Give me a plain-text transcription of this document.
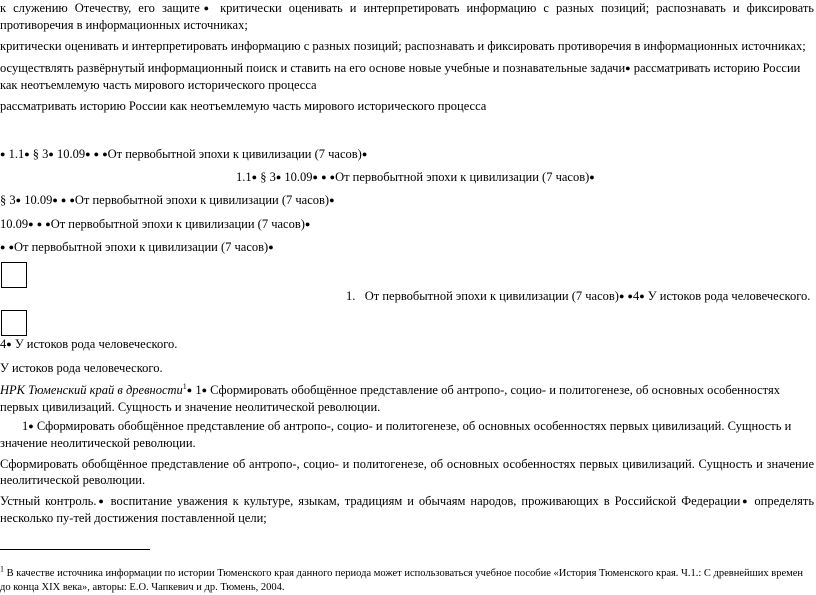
к служению Отечеству, его защите● критически оценивать и интерпретировать информацию с разных позиций; распознавать и фиксировать противоречия в информационных источниках;

критически оценивать и интерпретировать информацию с разных позиций; распознавать и фиксировать противоречия в информационных источниках;

осуществлять развёрнутый информационный поиск и ставить на его основе новые учебные и познавательные задачи● рассматривать историю России как неотъемлемую часть мирового исторического процесса

рассматривать историю России как неотъемлемую часть мирового исторического процесса

● 1.1● § 3● 10.09● ● ●От первобытной эпохи к цивилизации (7 часов)●

1.1● § 3● 10.09● ● ●От первобытной эпохи к цивилизации (7 часов)●

§ 3● 10.09● ● ●От первобытной эпохи к цивилизации (7 часов)●

10.09● ● ●От первобытной эпохи к цивилизации (7 часов)●

● ●От первобытной эпохи к цивилизации (7 часов)●

1. От первобытной эпохи к цивилизации (7 часов)● ●4● У истоков рода человеческого.

4● У истоков рода человеческого.

У истоков рода человеческого.

НРК Тюменский край в древности$^1$● 1● Сформировать обобщённое представление об антропо-, социо- и политогенезе, об основных особенностях первых цивилизаций. Сущность и значение неолитической революции.

1● Сформировать обобщённое представление об антропо-, социо- и политогенезе, об основных особенностях первых цивилизаций. Сущность и значение неолитической революции.

Сформировать обобщённое представление об антропо-, социо- и политогенезе, об основных особенностях первых цивилизаций. Сущность и значение неолитической революции.

Устный контроль.● воспитание уважения к культуре, языкам, традициям и обычаям народов, проживающих в Российской Федерации● определять несколько пу-тей достижения поставленной цели;

$^1$ В качестве источника информации по истории Тюменского края данного периода может использоваться учебное пособие «История Тюменского края. Ч.1.: С древнейших времен до конца XIX века», авторы: Е.О. Чапкевич и др. Тюмень, 2004.
